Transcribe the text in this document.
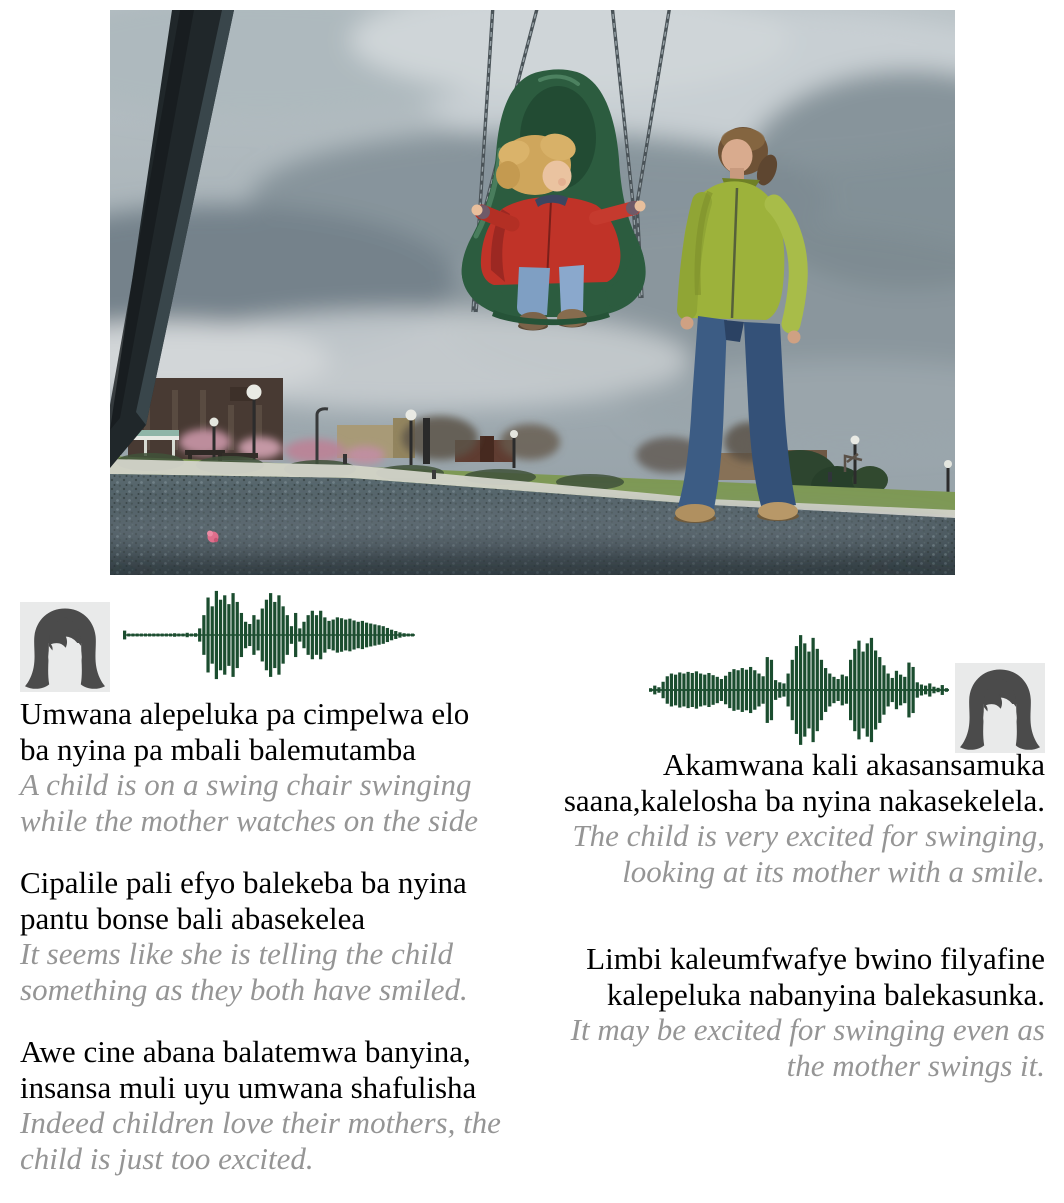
Umwana alepeluka pa cimpelwa elo
ba nyina pa mbali balemutamba
A child is on a swing chair swinging
while the mother watches on the side
Cipalile pali efyo balekeba ba nyina
pantu bonse bali abasekelea
It seems like she is telling the child
something as they both have smiled.
Awe cine abana balatemwa banyina,
insansa muli uyu umwana shafulisha
Indeed children love their mothers, the
child is just too excited.
Akamwana kali akasansamuka
saana,kalelosha ba nyina nakasekelela.
The child is very excited for swinging,
looking at its mother with a smile.
Limbi kaleumfwafye bwino filyafine
kalepeluka nabanyina balekasunka.
It may be excited for swinging even as
the mother swings it.
